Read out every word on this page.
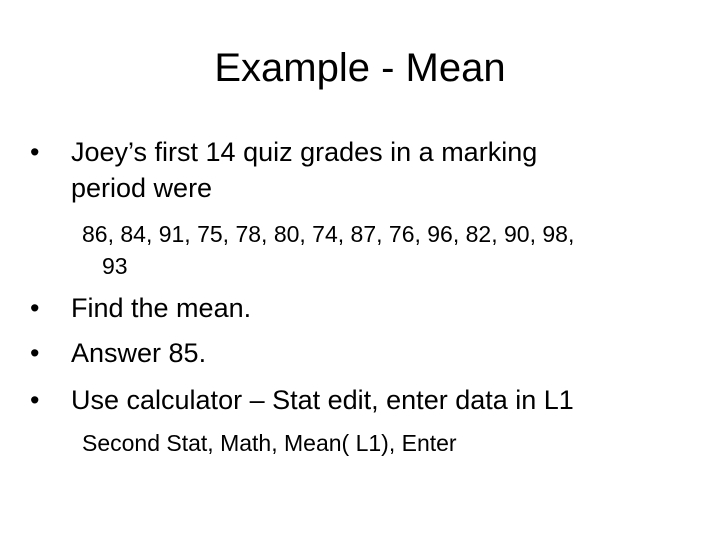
Example - Mean
• Joey’s first 14 quiz grades in a marking
period were
86, 84, 91, 75, 78, 80, 74, 87, 76, 96, 82, 90, 98,
93
• Find the mean.
• Answer 85.
• Use calculator – Stat edit, enter data in L1
Second Stat, Math, Mean( L1), Enter
